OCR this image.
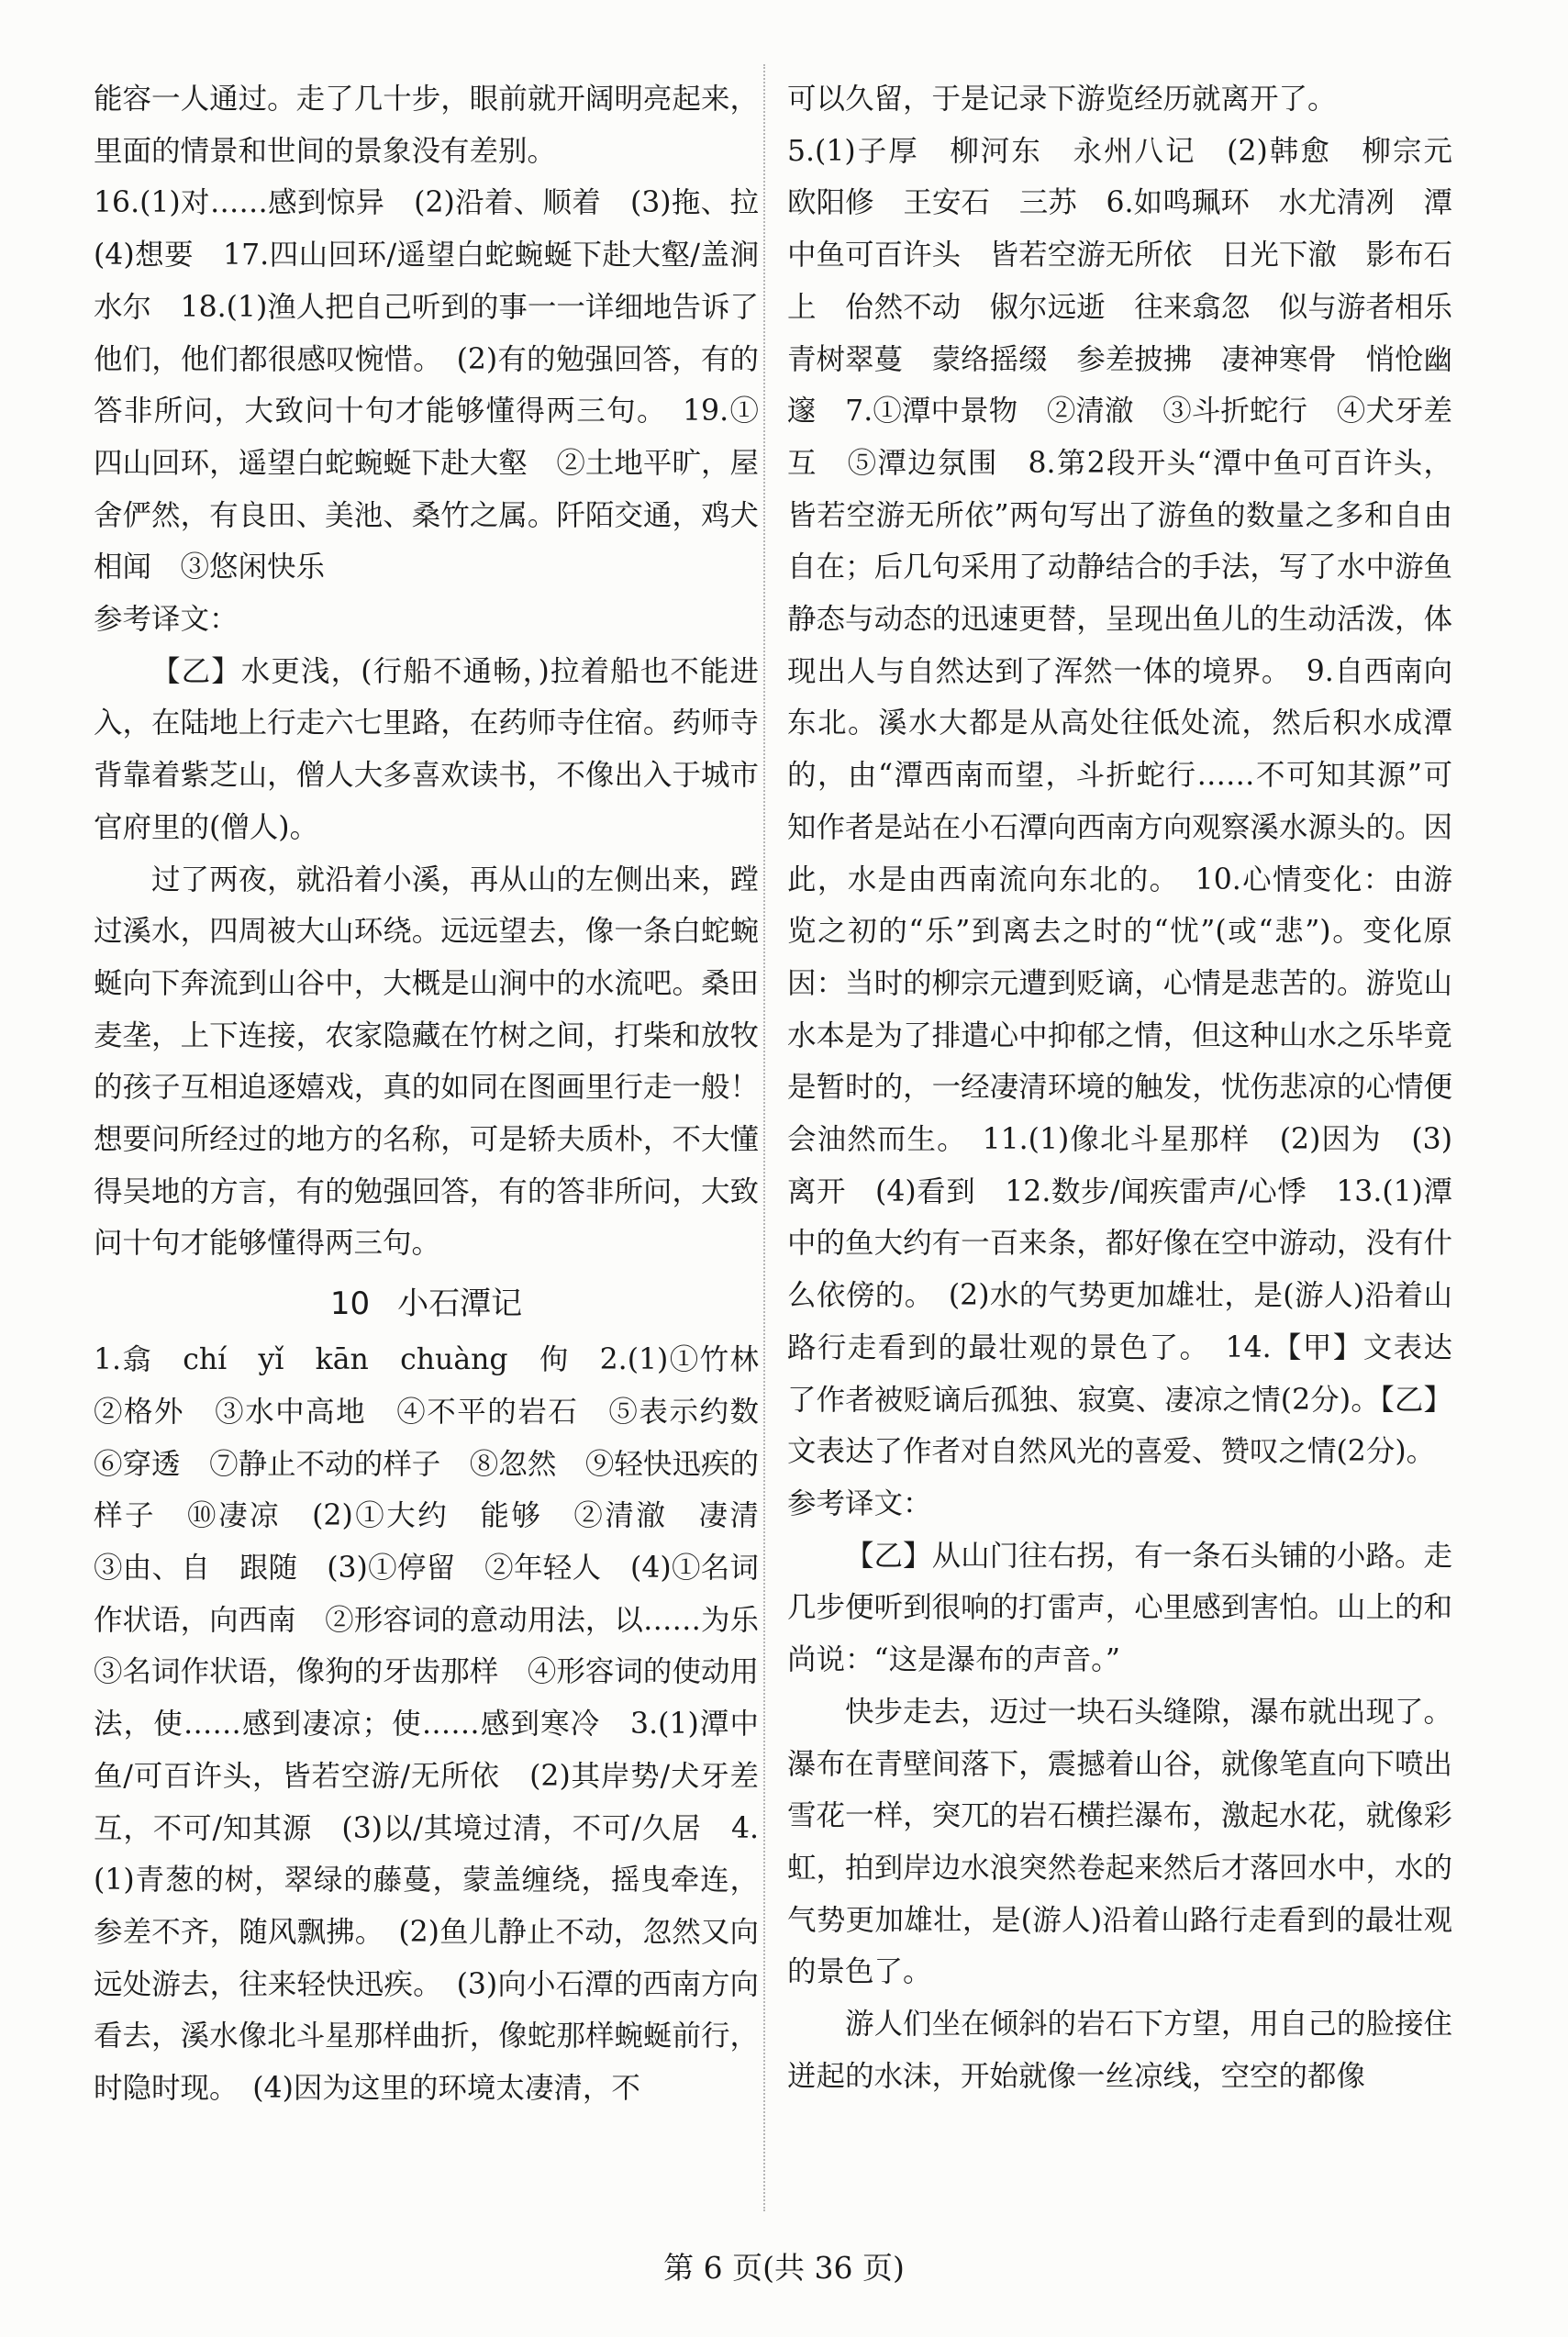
能容一人通过。走了几十步，眼前就开阔明亮起来，里面的情景和世间的景象没有差别。

16.(1)对……感到惊异　(2)沿着、顺着　(3)拖、拉　(4)想要　17.四山回环/遥望白蛇蜿蜒下赴大壑/盖涧水尔　18.(1)渔人把自己听到的事一一详细地告诉了他们，他们都很感叹惋惜。　(2)有的勉强回答，有的答非所问，大致问十句才能够懂得两三句。　19.①四山回环，遥望白蛇蜿蜒下赴大壑　②土地平旷，屋舍俨然，有良田、美池、桑竹之属。阡陌交通，鸡犬相闻　③悠闲快乐

参考译文：

【乙】水更浅，(行船不通畅，)拉着船也不能进入，在陆地上行走六七里路，在药师寺住宿。药师寺背靠着紫芝山，僧人大多喜欢读书，不像出入于城市官府里的(僧人)。

过了两夜，就沿着小溪，再从山的左侧出来，蹚过溪水，四周被大山环绕。远远望去，像一条白蛇蜿蜒向下奔流到山谷中，大概是山涧中的水流吧。桑田麦垄，上下连接，农家隐藏在竹树之间，打柴和放牧的孩子互相追逐嬉戏，真的如同在图画里行走一般！想要问所经过的地方的名称，可是轿夫质朴，不大懂得吴地的方言，有的勉强回答，有的答非所问，大致问十句才能够懂得两三句。

10 小石潭记

1.翕　chí　yǐ　kān　chuàng　佝　2.(1)①竹林　②格外　③水中高地　④不平的岩石　⑤表示约数　⑥穿透　⑦静止不动的样子　⑧忽然　⑨轻快迅疾的样子　⑩凄凉　(2)①大约　能够　②清澈　凄清　③由、自　跟随　(3)①停留　②年轻人　(4)①名词作状语，向西南　②形容词的意动用法，以……为乐　③名词作状语，像狗的牙齿那样　④形容词的使动用法，使……感到凄凉；使……感到寒冷　3.(1)潭中鱼/可百许头，皆若空游/无所依　(2)其岸势/犬牙差互，不可/知其源　(3)以/其境过清，不可/久居　4.(1)青葱的树，翠绿的藤蔓，蒙盖缠绕，摇曳牵连，参差不齐，随风飘拂。　(2)鱼儿静止不动，忽然又向远处游去，往来轻快迅疾。　(3)向小石潭的西南方向看去，溪水像北斗星那样曲折，像蛇那样蜿蜒前行，时隐时现。　(4)因为这里的环境太凄清，不

可以久留，于是记录下游览经历就离开了。

5.(1)子厚　柳河东　永州八记　(2)韩愈　柳宗元　欧阳修　王安石　三苏　6.如鸣珮环　水尤清冽　潭中鱼可百许头　皆若空游无所依　日光下澈　影布石上　佁然不动　俶尔远逝　往来翕忽　似与游者相乐　青树翠蔓　蒙络摇缀　参差披拂　凄神寒骨　悄怆幽邃　7.①潭中景物　②清澈　③斗折蛇行　④犬牙差互　⑤潭边氛围　8.第2段开头“潭中鱼可百许头，皆若空游无所依”两句写出了游鱼的数量之多和自由自在；后几句采用了动静结合的手法，写了水中游鱼静态与动态的迅速更替，呈现出鱼儿的生动活泼，体现出人与自然达到了浑然一体的境界。　9.自西南向东北。溪水大都是从高处往低处流，然后积水成潭的，由“潭西南而望，斗折蛇行……不可知其源”可知作者是站在小石潭向西南方向观察溪水源头的。因此，水是由西南流向东北的。　10.心情变化：由游览之初的“乐”到离去之时的“忧”(或“悲”)。变化原因：当时的柳宗元遭到贬谪，心情是悲苦的。游览山水本是为了排遣心中抑郁之情，但这种山水之乐毕竟是暂时的，一经凄清环境的触发，忧伤悲凉的心情便会油然而生。　11.(1)像北斗星那样　(2)因为　(3)离开　(4)看到　12.数步/闻疾雷声/心悸　13.(1)潭中的鱼大约有一百来条，都好像在空中游动，没有什么依傍的。　(2)水的气势更加雄壮，是(游人)沿着山路行走看到的最壮观的景色了。　14.【甲】文表达了作者被贬谪后孤独、寂寞、凄凉之情(2分)。【乙】文表达了作者对自然风光的喜爱、赞叹之情(2分)。

参考译文：

【乙】从山门往右拐，有一条石头铺的小路。走几步便听到很响的打雷声，心里感到害怕。山上的和尚说：“这是瀑布的声音。”

快步走去，迈过一块石头缝隙，瀑布就出现了。瀑布在青壁间落下，震撼着山谷，就像笔直向下喷出雪花一样，突兀的岩石横拦瀑布，激起水花，就像彩虹，拍到岸边水浪突然卷起来然后才落回水中，水的气势更加雄壮，是(游人)沿着山路行走看到的最壮观的景色了。

游人们坐在倾斜的岩石下方望，用自己的脸接住迸起的水沫，开始就像一丝凉线，空空的都像

第 6 页(共 36 页)
